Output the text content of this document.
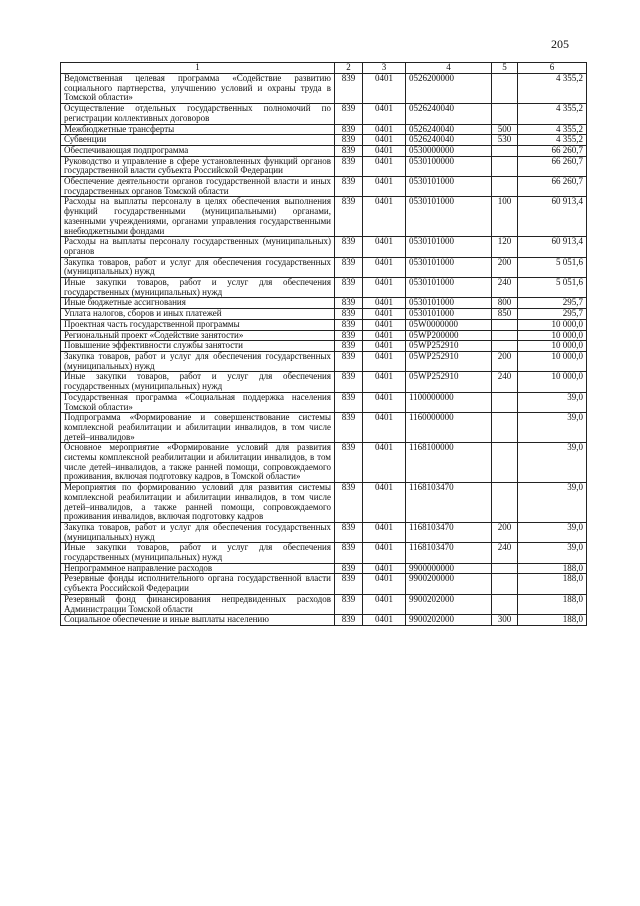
205
1	2	3	4	5	6
Ведомственная целевая программа «Содействие развитию социального партнерства, улучшению условий и охраны труда в Томской области»	839	0401	0526200000		4 355,2
Осуществление отдельных государственных полномочий по регистрации коллективных договоров	839	0401	0526240040		4 355,2
Межбюджетные трансферты	839	0401	0526240040	500	4 355,2
Субвенции	839	0401	0526240040	530	4 355,2
Обеспечивающая подпрограмма	839	0401	0530000000		66 260,7
Руководство и управление в сфере установленных функций органов государственной власти субъекта Российской Федерации	839	0401	0530100000		66 260,7
Обеспечение деятельности органов государственной власти и иных государственных органов Томской области	839	0401	0530101000		66 260,7
Расходы на выплаты персоналу в целях обеспечения выполнения функций государственными (муниципальными) органами, казенными учреждениями, органами управления государственными внебюджетными фондами	839	0401	0530101000	100	60 913,4
Расходы на выплаты персоналу государственных (муниципальных) органов	839	0401	0530101000	120	60 913,4
Закупка товаров, работ и услуг для обеспечения государственных (муниципальных) нужд	839	0401	0530101000	200	5 051,6
Иные закупки товаров, работ и услуг для обеспечения государственных (муниципальных) нужд	839	0401	0530101000	240	5 051,6
Иные бюджетные ассигнования	839	0401	0530101000	800	295,7
Уплата налогов, сборов и иных платежей	839	0401	0530101000	850	295,7
Проектная часть государственной программы	839	0401	05W0000000		10 000,0
Региональный проект «Содействие занятости»	839	0401	05WP200000		10 000,0
Повышение эффективности службы занятости	839	0401	05WP252910		10 000,0
Закупка товаров, работ и услуг для обеспечения государственных (муниципальных) нужд	839	0401	05WP252910	200	10 000,0
Иные закупки товаров, работ и услуг для обеспечения государственных (муниципальных) нужд	839	0401	05WP252910	240	10 000,0
Государственная программа «Социальная поддержка населения Томской области»	839	0401	1100000000		39,0
Подпрограмма «Формирование и совершенствование системы комплексной реабилитации и абилитации инвалидов, в том числе детей–инвалидов»	839	0401	1160000000		39,0
Основное мероприятие «Формирование условий для развития системы комплексной реабилитации и абилитации инвалидов, в том числе детей–инвалидов, а также ранней помощи, сопровождаемого проживания, включая подготовку кадров, в Томской области»	839	0401	1168100000		39,0
Мероприятия по формированию условий для развития системы комплексной реабилитации и абилитации инвалидов, в том числе детей–инвалидов, а также ранней помощи, сопровождаемого проживания инвалидов, включая подготовку кадров	839	0401	1168103470		39,0
Закупка товаров, работ и услуг для обеспечения государственных (муниципальных) нужд	839	0401	1168103470	200	39,0
Иные закупки товаров, работ и услуг для обеспечения государственных (муниципальных) нужд	839	0401	1168103470	240	39,0
Непрограммное направление расходов	839	0401	9900000000		188,0
Резервные фонды исполнительного органа государственной власти субъекта Российской Федерации	839	0401	9900200000		188,0
Резервный фонд финансирования непредвиденных расходов Администрации Томской области	839	0401	9900202000		188,0
Социальное обеспечение и иные выплаты населению	839	0401	9900202000	300	188,0
